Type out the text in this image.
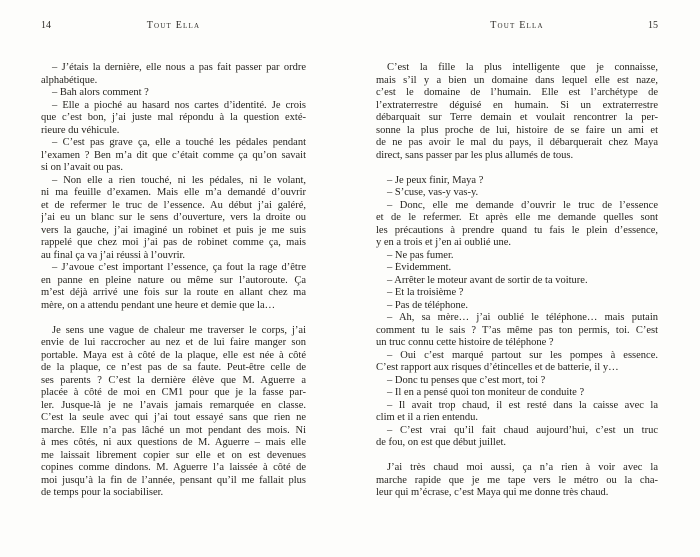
14	Tout Ella
– J’étais la dernière, elle nous a pas fait passer par ordre
alphabétique.
– Bah alors comment ?
– Elle a pioché au hasard nos cartes d’identité. Je crois
que c’est bon, j’ai juste mal répondu à la question exté-
rieure du véhicule.
– C’est pas grave ça, elle a touché les pédales pendant
l’examen ? Ben m’a dit que c’était comme ça qu’on savait
si on l’avait ou pas.
– Non elle a rien touché, ni les pédales, ni le volant,
ni ma feuille d’examen. Mais elle m’a demandé d’ouvrir
et de refermer le truc de l’essence. Au début j’ai galéré,
j’ai eu un blanc sur le sens d’ouverture, vers la droite ou
vers la gauche, j’ai imaginé un robinet et puis je me suis
rappelé que chez moi j’ai pas de robinet comme ça, mais
au final ça va j’ai réussi à l’ouvrir.
– J’avoue c’est important l’essence, ça fout la rage d’être
en panne en pleine nature ou même sur l’autoroute. Ça
m’est déjà arrivé une fois sur la route en allant chez ma
mère, on a attendu pendant une heure et demie que la…
Je sens une vague de chaleur me traverser le corps, j’ai
envie de lui raccrocher au nez et de lui faire manger son
portable. Maya est à côté de la plaque, elle est née à côté
de la plaque, ce n’est pas de sa faute. Peut-être celle de
ses parents ? C’est la dernière élève que M. Aguerre a
placée à côté de moi en CM1 pour que je la fasse par-
ler. Jusque-là je ne l’avais jamais remarquée en classe.
C’est la seule avec qui j’ai tout essayé sans que rien ne
marche. Elle n’a pas lâché un mot pendant des mois. Ni
à mes côtés, ni aux questions de M. Aguerre – mais elle
me laissait librement copier sur elle et on est devenues
copines comme dindons. M. Aguerre l’a laissée à côté de
moi jusqu’à la fin de l’année, pensant qu’il me fallait plus
de temps pour la sociabiliser.
Tout Ella	15
C’est la fille la plus intelligente que je connaisse,
mais s’il y a bien un domaine dans lequel elle est naze,
c’est le domaine de l’humain. Elle est l’archétype de
l’extraterrestre déguisé en humain. Si un extraterrestre
débarquait sur Terre demain et voulait rencontrer la per-
sonne la plus proche de lui, histoire de se faire un ami et
de ne pas avoir le mal du pays, il débarquerait chez Maya
direct, sans passer par les plus allumés de tous.
– Je peux finir, Maya ?
– S’cuse, vas-y vas-y.
– Donc, elle me demande d’ouvrir le truc de l’essence
et de le refermer. Et après elle me demande quelles sont
les précautions à prendre quand tu fais le plein d’essence,
y en a trois et j’en ai oublié une.
– Ne pas fumer.
– Évidemment.
– Arrêter le moteur avant de sortir de ta voiture.
– Et la troisième ?
– Pas de téléphone.
– Ah, sa mère… j’ai oublié le téléphone… mais putain
comment tu le sais ? T’as même pas ton permis, toi. C’est
un truc connu cette histoire de téléphone ?
– Oui c’est marqué partout sur les pompes à essence.
C’est rapport aux risques d’étincelles et de batterie, il y…
– Donc tu penses que c’est mort, toi ?
– Il en a pensé quoi ton moniteur de conduite ?
– Il avait trop chaud, il est resté dans la caisse avec la
clim et il a rien entendu.
– C’est vrai qu’il fait chaud aujourd’hui, c’est un truc
de fou, on est que début juillet.
J’ai très chaud moi aussi, ça n’a rien à voir avec la
marche rapide que je me tape vers le métro ou la cha-
leur qui m’écrase, c’est Maya qui me donne très chaud.
